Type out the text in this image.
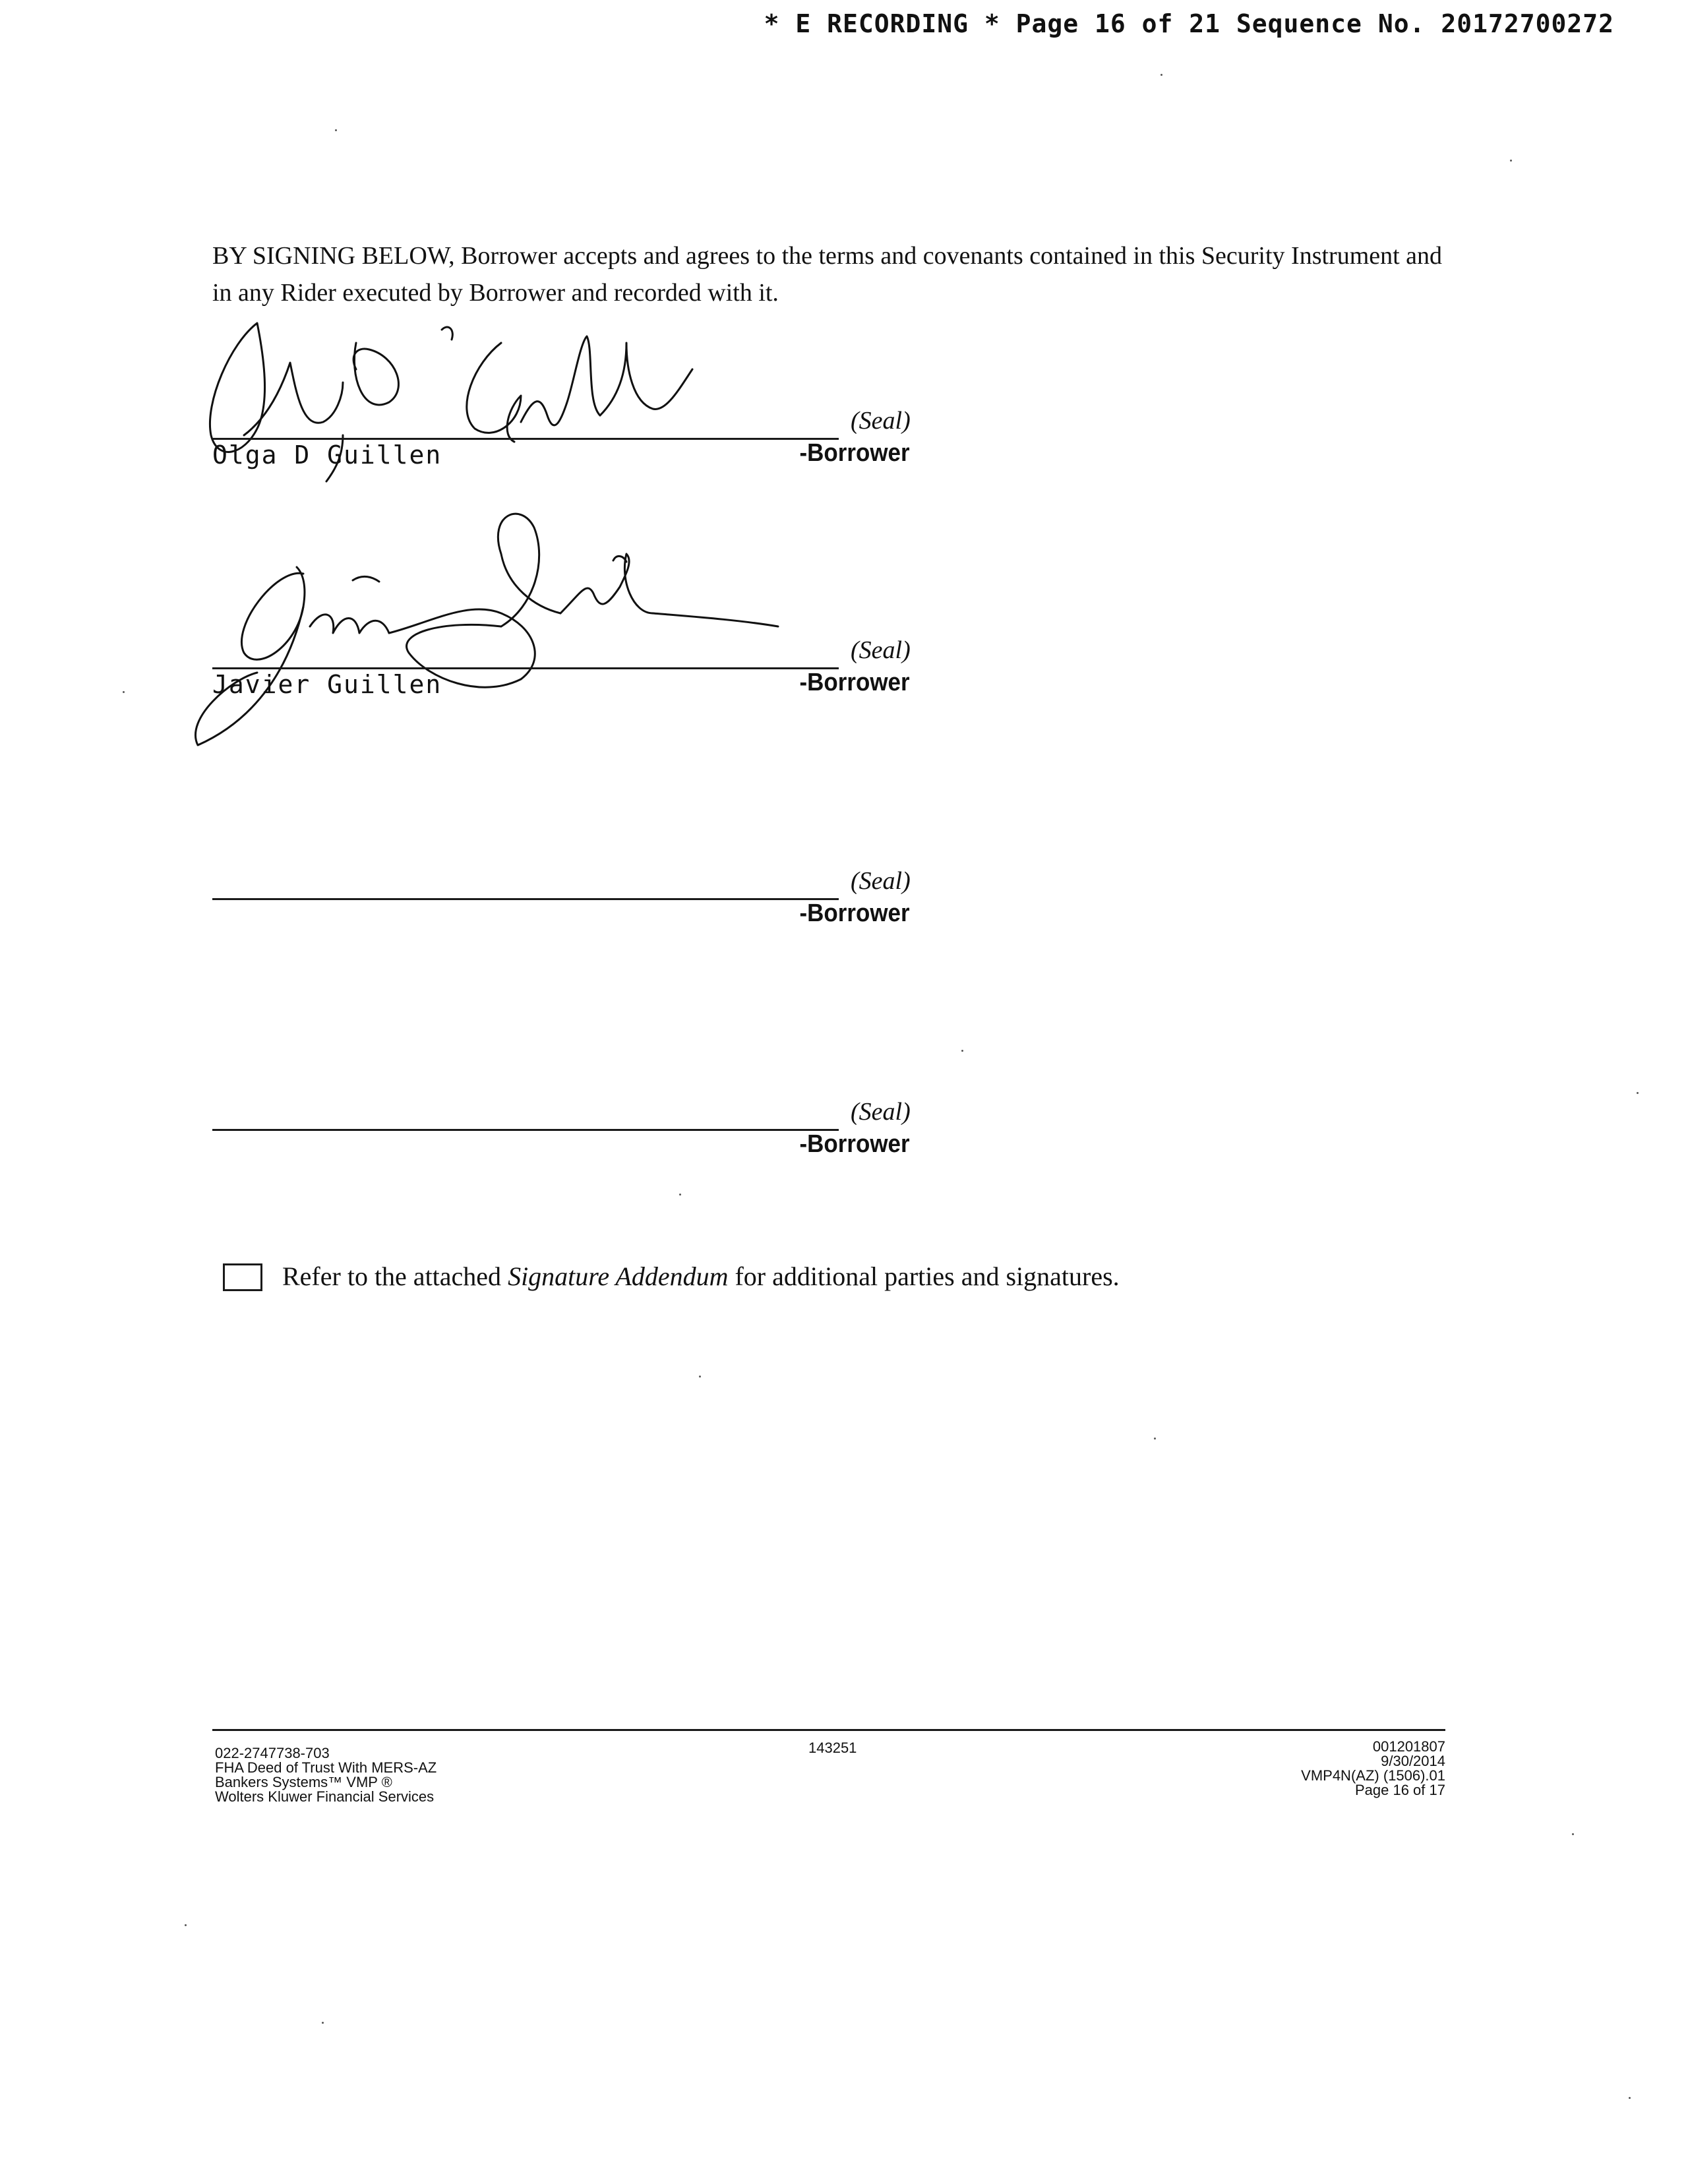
* E RECORDING * Page 16 of 21 Sequence No. 20172700272
BY SIGNING BELOW, Borrower accepts and agrees to the terms and covenants contained in this Security Instrument and in any Rider executed by Borrower and recorded with it.
(Seal)
Olga D Guillen	-Borrower
(Seal)
Javier Guillen	-Borrower
(Seal)
-Borrower
(Seal)
-Borrower
Refer to the attached Signature Addendum for additional parties and signatures.
022-2747738-703
FHA Deed of Trust With MERS-AZ
Bankers Systems™ VMP ®
Wolters Kluwer Financial Services
143251	001201807
9/30/2014
VMP4N(AZ) (1506).01
Page 16 of 17
